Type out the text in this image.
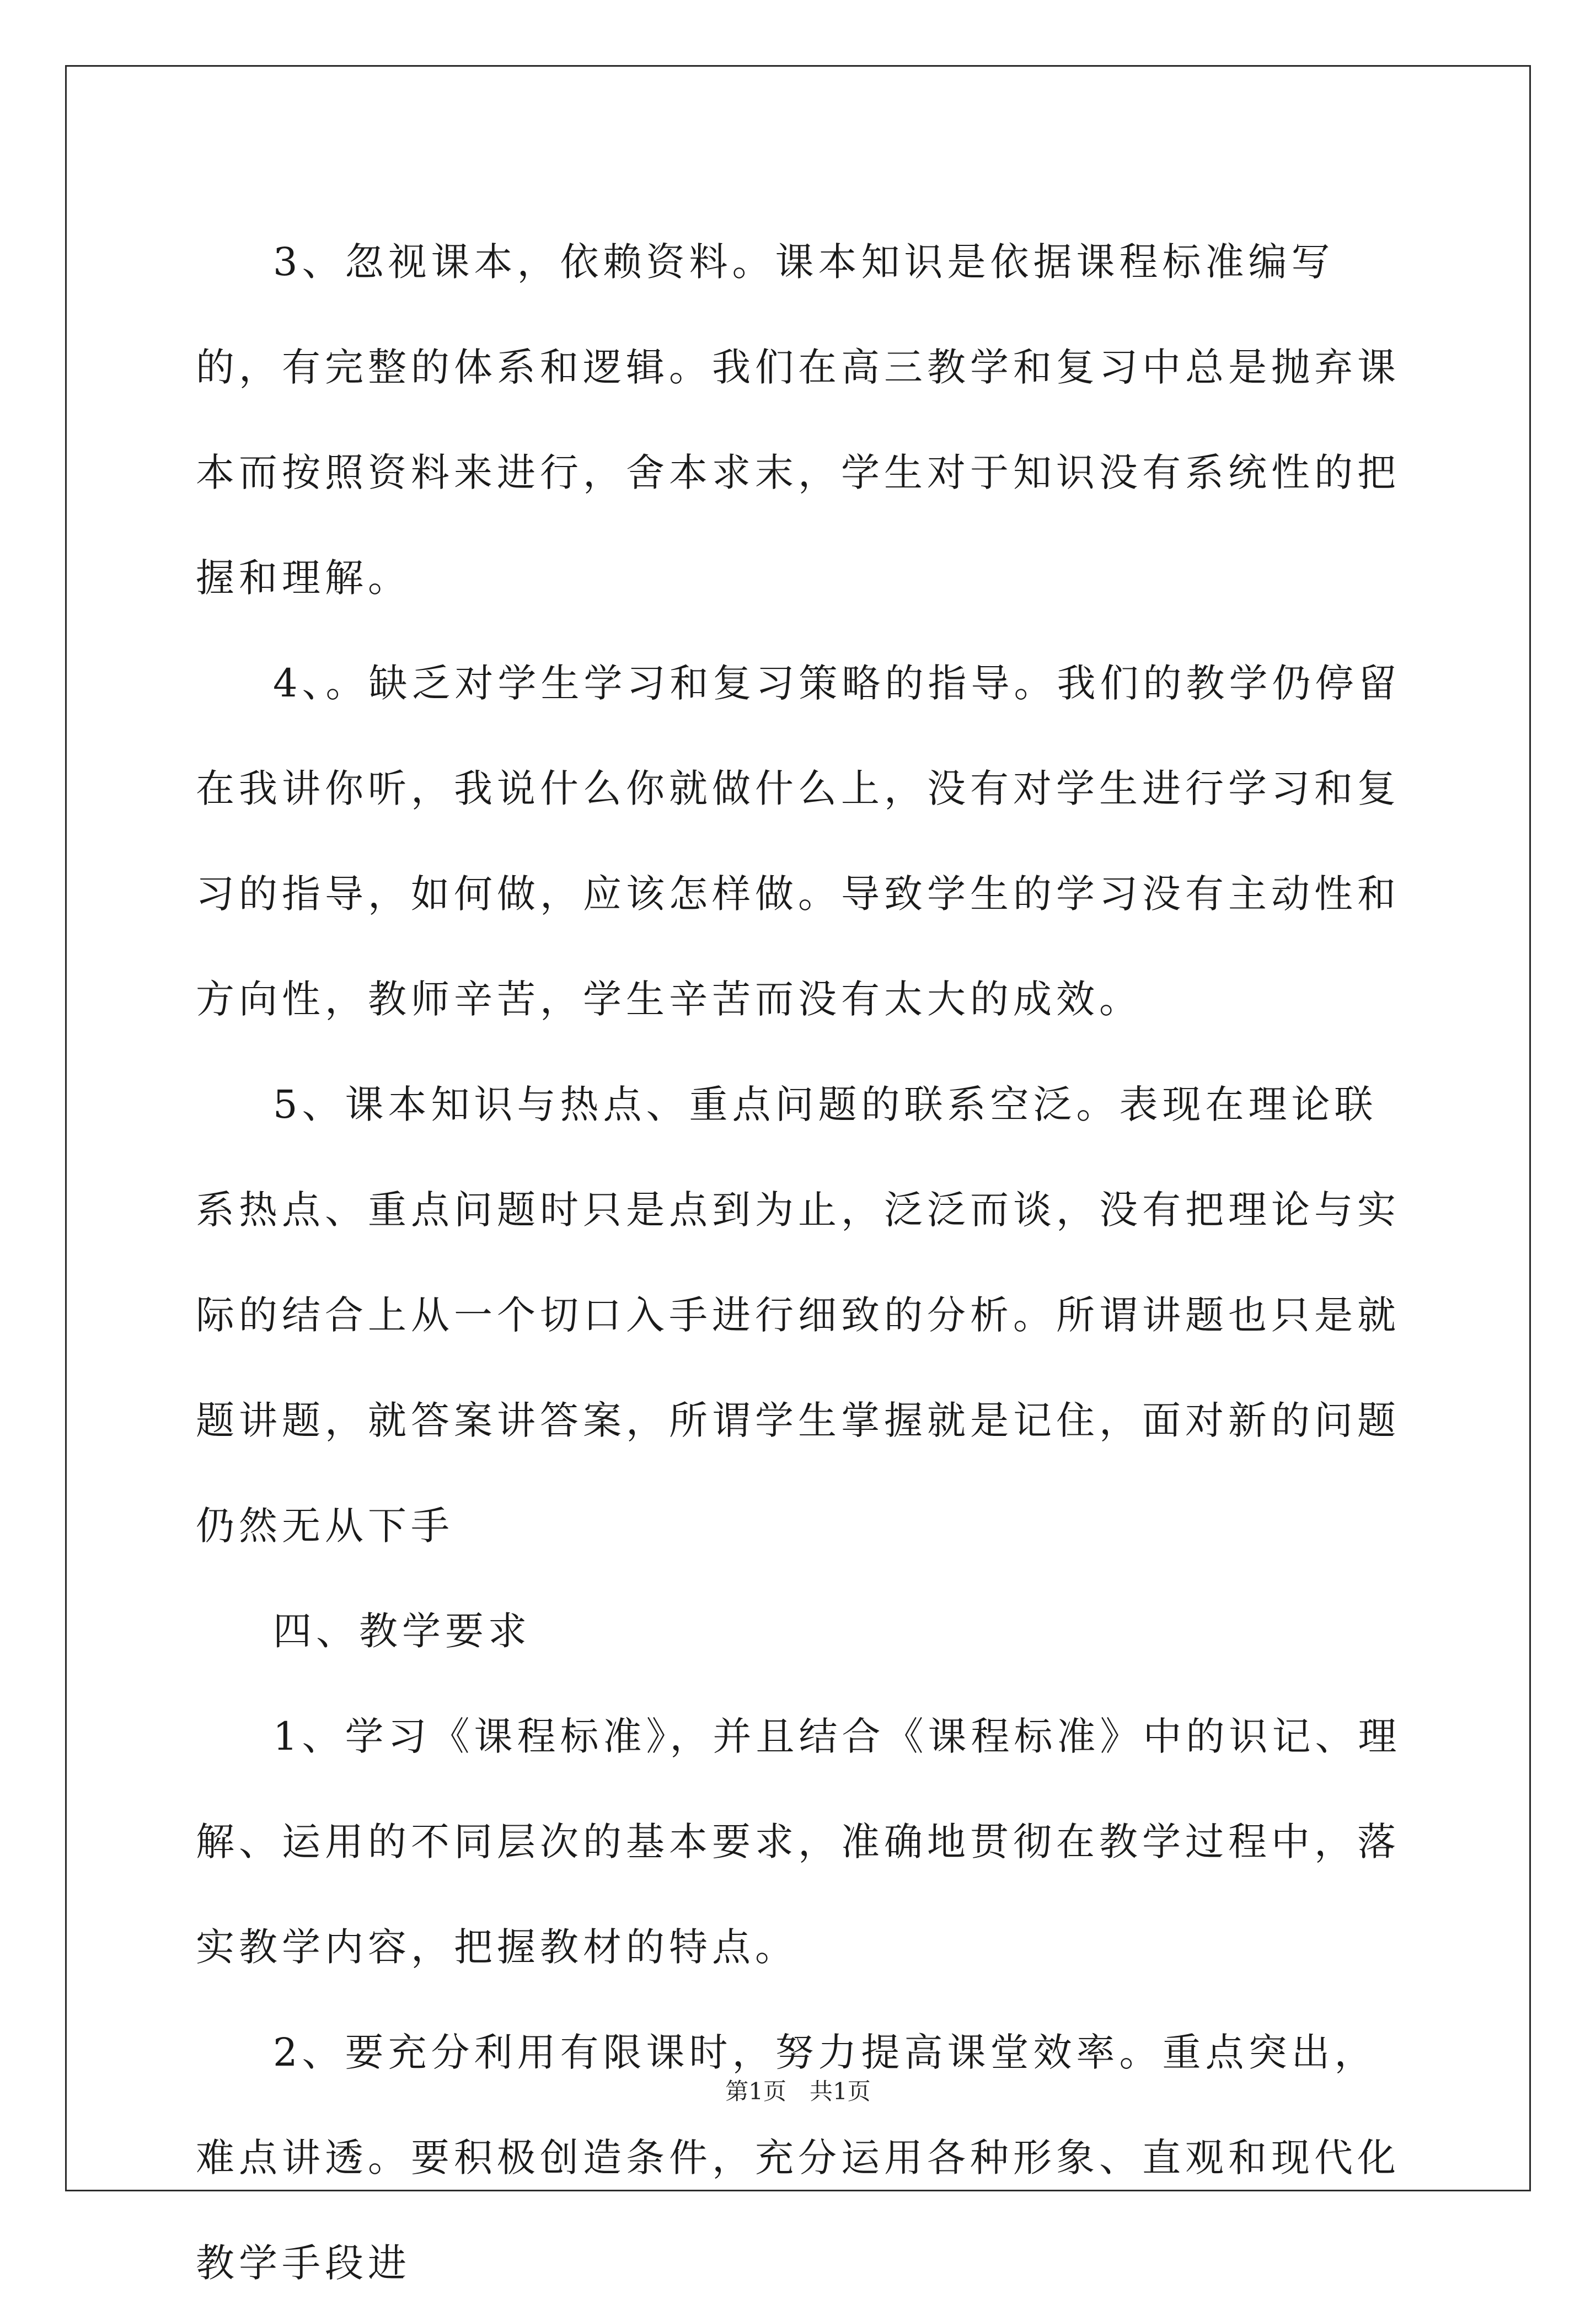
3、忽视课本，依赖资料。课本知识是依据课程标准编写的，有完整的体系和逻辑。我们在高三教学和复习中总是抛弃课本而按照资料来进行，舍本求末，学生对于知识没有系统性的把握和理解。

4、。缺乏对学生学习和复习策略的指导。我们的教学仍停留在我讲你听，我说什么你就做什么上，没有对学生进行学习和复习的指导，如何做，应该怎样做。导致学生的学习没有主动性和方向性，教师辛苦，学生辛苦而没有太大的成效。

5、课本知识与热点、重点问题的联系空泛。表现在理论联系热点、重点问题时只是点到为止，泛泛而谈，没有把理论与实际的结合上从一个切口入手进行细致的分析。所谓讲题也只是就题讲题，就答案讲答案，所谓学生掌握就是记住，面对新的问题仍然无从下手

四、教学要求

1、学习《课程标准》，并且结合《课程标准》中的识记、理解、运用的不同层次的基本要求，准确地贯彻在教学过程中，落实教学内容，把握教材的特点。

2、要充分利用有限课时，努力提高课堂效率。重点突出，难点讲透。要积极创造条件，充分运用各种形象、直观和现代化教学手段进

第1页　共1页
